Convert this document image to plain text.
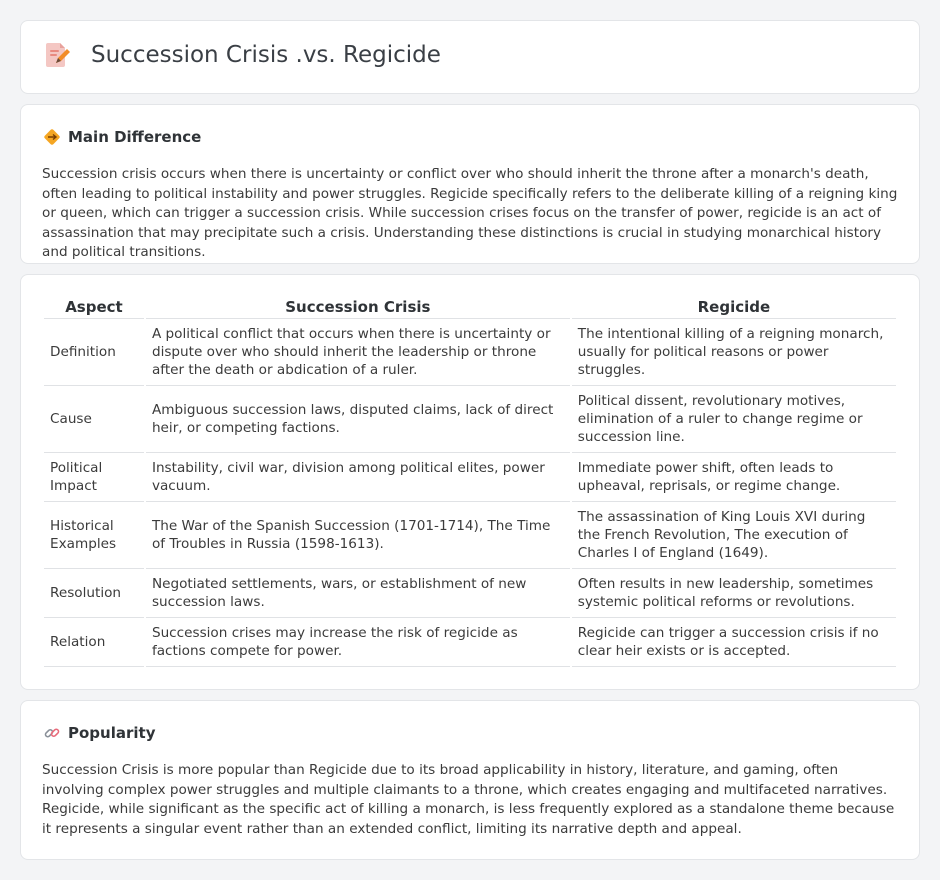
Succession Crisis .vs. Regicide
Main Difference

Succession crisis occurs when there is uncertainty or conflict over who should inherit the throne after a monarch's death, often leading to political instability and power struggles. Regicide specifically refers to the deliberate killing of a reigning king or queen, which can trigger a succession crisis. While succession crises focus on the transfer of power, regicide is an act of assassination that may precipitate such a crisis. Understanding these distinctions is crucial in studying monarchical history and political transitions.

Aspect	Succession Crisis	Regicide
Definition	A political conflict that occurs when there is uncertainty or dispute over who should inherit the leadership or throne after the death or abdication of a ruler.	The intentional killing of a reigning monarch, usually for political reasons or power struggles.
Cause	Ambiguous succession laws, disputed claims, lack of direct heir, or competing factions.	Political dissent, revolutionary motives, elimination of a ruler to change regime or succession line.
Political Impact	Instability, civil war, division among political elites, power vacuum.	Immediate power shift, often leads to upheaval, reprisals, or regime change.
Historical Examples	The War of the Spanish Succession (1701-1714), The Time of Troubles in Russia (1598-1613).	The assassination of King Louis XVI during the French Revolution, The execution of Charles I of England (1649).
Resolution	Negotiated settlements, wars, or establishment of new succession laws.	Often results in new leadership, sometimes systemic political reforms or revolutions.
Relation	Succession crises may increase the risk of regicide as factions compete for power.	Regicide can trigger a succession crisis if no clear heir exists or is accepted.
Popularity

Succession Crisis is more popular than Regicide due to its broad applicability in history, literature, and gaming, often involving complex power struggles and multiple claimants to a throne, which creates engaging and multifaceted narratives. Regicide, while significant as the specific act of killing a monarch, is less frequently explored as a standalone theme because it represents a singular event rather than an extended conflict, limiting its narrative depth and appeal.
